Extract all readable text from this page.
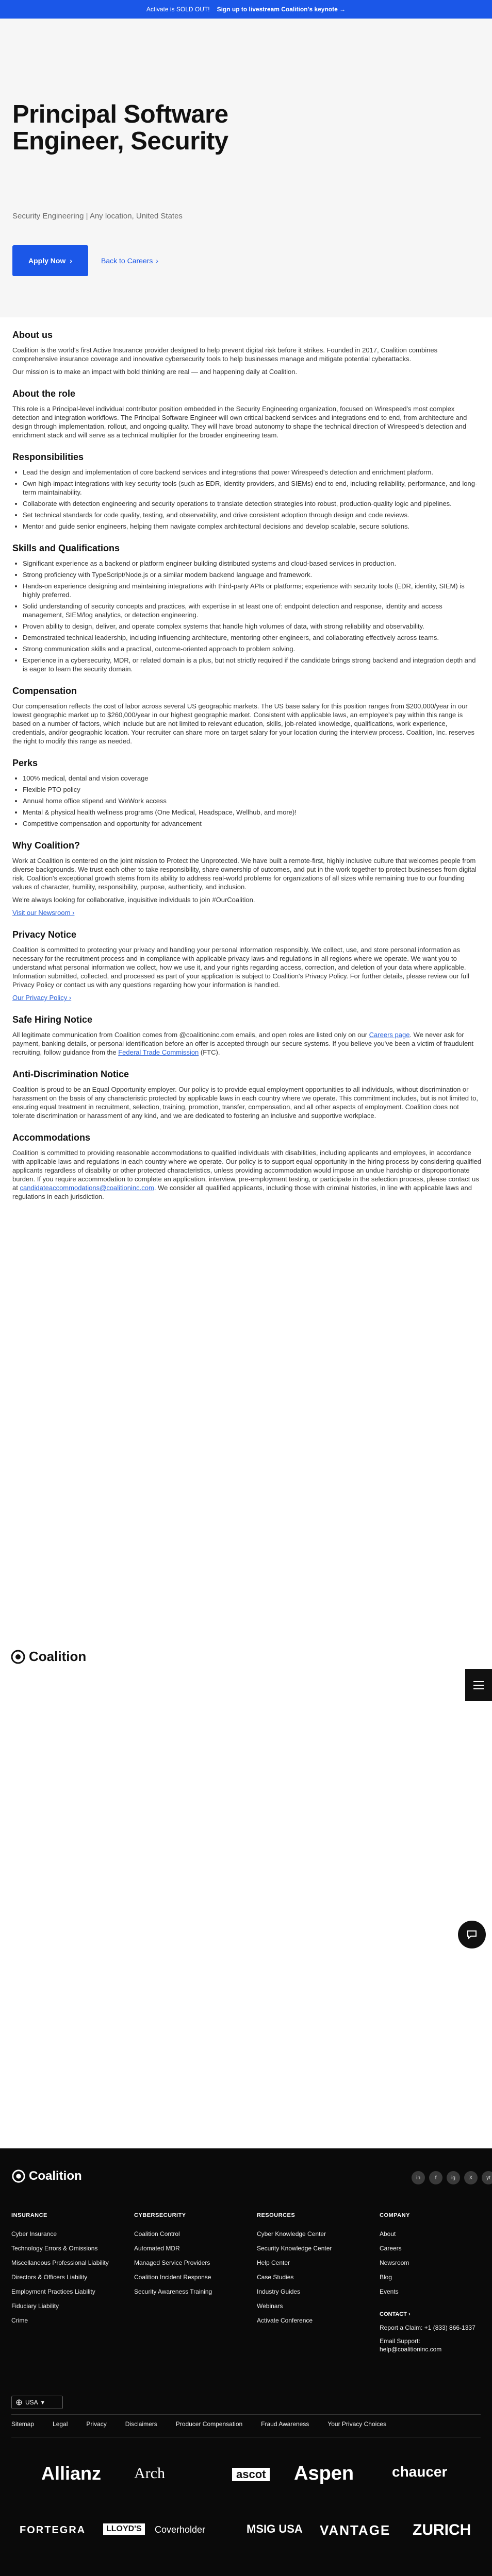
Activate is SOLD OUT! Sign up to livestream Coalition's keynote →
Principal Software Engineer, Security
Security Engineering | Any location, United States
Apply Now ›	Back to Careers ›
About us

Coalition is the world's first Active Insurance provider designed to help prevent digital risk before it strikes. Founded in 2017, Coalition combines comprehensive insurance coverage and innovative cybersecurity tools to help businesses manage and mitigate potential cyberattacks.

Our mission is to make an impact with bold thinking are real — and happening daily at Coalition.

About the role

This role is a Principal-level individual contributor position embedded in the Security Engineering organization, focused on Wirespeed's most complex detection and integration workflows. The Principal Software Engineer will own critical backend services and integrations end to end, from architecture and design through implementation, rollout, and ongoing quality. They will have broad autonomy to shape the technical direction of Wirespeed's detection and enrichment stack and will serve as a technical multiplier for the broader engineering team.

Responsibilities
• Lead the design and implementation of core backend services and integrations that power Wirespeed's detection and enrichment platform.
• Own high-impact integrations with key security tools (such as EDR, identity providers, and SIEMs) end to end, including reliability, performance, and long-term maintainability.
• Collaborate with detection engineering and security operations to translate detection strategies into robust, production-quality logic and pipelines.
• Set technical standards for code quality, testing, and observability, and drive consistent adoption through design and code reviews.
• Mentor and guide senior engineers, helping them navigate complex architectural decisions and develop scalable, secure solutions.
Skills and Qualifications
• Significant experience as a backend or platform engineer building distributed systems and cloud-based services in production.
• Strong proficiency with TypeScript/Node.js or a similar modern backend language and framework.
• Hands-on experience designing and maintaining integrations with third-party APIs or platforms; experience with security tools (EDR, identity, SIEM) is highly preferred.
• Solid understanding of security concepts and practices, with expertise in at least one of: endpoint detection and response, identity and access management, SIEM/log analytics, or detection engineering.
• Proven ability to design, deliver, and operate complex systems that handle high volumes of data, with strong reliability and observability.
• Demonstrated technical leadership, including influencing architecture, mentoring other engineers, and collaborating effectively across teams.
• Strong communication skills and a practical, outcome-oriented approach to problem solving.
• Experience in a cybersecurity, MDR, or related domain is a plus, but not strictly required if the candidate brings strong backend and integration depth and is eager to learn the security domain.
Compensation

Our compensation reflects the cost of labor across several US geographic markets. The US base salary for this position ranges from $200,000/year in our lowest geographic market up to $260,000/year in our highest geographic market. Consistent with applicable laws, an employee's pay within this range is based on a number of factors, which include but are not limited to relevant education, skills, job-related knowledge, qualifications, work experience, credentials, and/or geographic location. Your recruiter can share more on target salary for your location during the interview process. Coalition, Inc. reserves the right to modify this range as needed.

Perks
• 100% medical, dental and vision coverage
• Flexible PTO policy
• Annual home office stipend and WeWork access
• Mental & physical health wellness programs (One Medical, Headspace, Wellhub, and more)!
• Competitive compensation and opportunity for advancement
Why Coalition?

Work at Coalition is centered on the joint mission to Protect the Unprotected. We have built a remote-first, highly inclusive culture that welcomes people from diverse backgrounds. We trust each other to take responsibility, share ownership of outcomes, and put in the work together to protect businesses from digital risk. Coalition's exceptional growth stems from its ability to address real-world problems for organizations of all sizes while remaining true to our founding values of character, humility, responsibility, purpose, authenticity, and inclusion.

We're always looking for collaborative, inquisitive individuals to join #OurCoalition.

Visit our Newsroom ›

Privacy Notice

Coalition is committed to protecting your privacy and handling your personal information responsibly. We collect, use, and store personal information as necessary for the recruitment process and in compliance with applicable privacy laws and regulations in all regions where we operate. We want you to understand what personal information we collect, how we use it, and your rights regarding access, correction, and deletion of your data where applicable. Information submitted, collected, and processed as part of your application is subject to Coalition's Privacy Policy. For further details, please review our full Privacy Policy or contact us with any questions regarding how your information is handled.

Our Privacy Policy ›

Safe Hiring Notice

All legitimate communication from Coalition comes from @coalitioninc.com emails, and open roles are listed only on our Careers page. We never ask for payment, banking details, or personal identification before an offer is accepted through our secure systems. If you believe you've been a victim of fraudulent recruiting, follow guidance from the Federal Trade Commission (FTC).

Anti-Discrimination Notice

Coalition is proud to be an Equal Opportunity employer. Our policy is to provide equal employment opportunities to all individuals, without discrimination or harassment on the basis of any characteristic protected by applicable laws in each country where we operate. This commitment includes, but is not limited to, ensuring equal treatment in recruitment, selection, training, promotion, transfer, compensation, and all other aspects of employment. Coalition does not tolerate discrimination or harassment of any kind, and we are dedicated to fostering an inclusive and supportive workplace.

Accommodations

Coalition is committed to providing reasonable accommodations to qualified individuals with disabilities, including applicants and employees, in accordance with applicable laws and regulations in each country where we operate. Our policy is to support equal opportunity in the hiring process by considering qualified applicants regardless of disability or other protected characteristics, unless providing accommodation would impose an undue hardship or disproportionate burden. If you require accommodation to complete an application, interview, pre-employment testing, or participate in the selection process, please contact us at candidateaccommodations@coalitioninc.com. We consider all qualified applicants, including those with criminal histories, in line with applicable laws and regulations in each jurisdiction.

Coalition
Coalition	in	f	ig	X	yt
INSURANCE
Cyber Insurance
Technology Errors & Omissions
Miscellaneous Professional Liability
Directors & Officers Liability
Employment Practices Liability
Fiduciary Liability
Crime
CYBERSECURITY
Coalition Control
Automated MDR
Managed Service Providers
Coalition Incident Response
Security Awareness Training
RESOURCES
Cyber Knowledge Center
Security Knowledge Center
Help Center
Case Studies
Industry Guides
Webinars
Activate Conference
COMPANY
About
Careers
Newsroom
Blog
Events
CONTACT ›
Report a Claim: +1 (833) 866-1337
Email Support: help@coalitioninc.com
USA ▾
Sitemap	Legal	Privacy	Disclaimers	Producer Compensation	Fraud Awareness	Your Privacy Choices
Allianz Arch	ascot Aspen	chaucer
FORTEGRA	LLOYD'S	Coverholder	MSIG USA VANTAGE ZURICH
